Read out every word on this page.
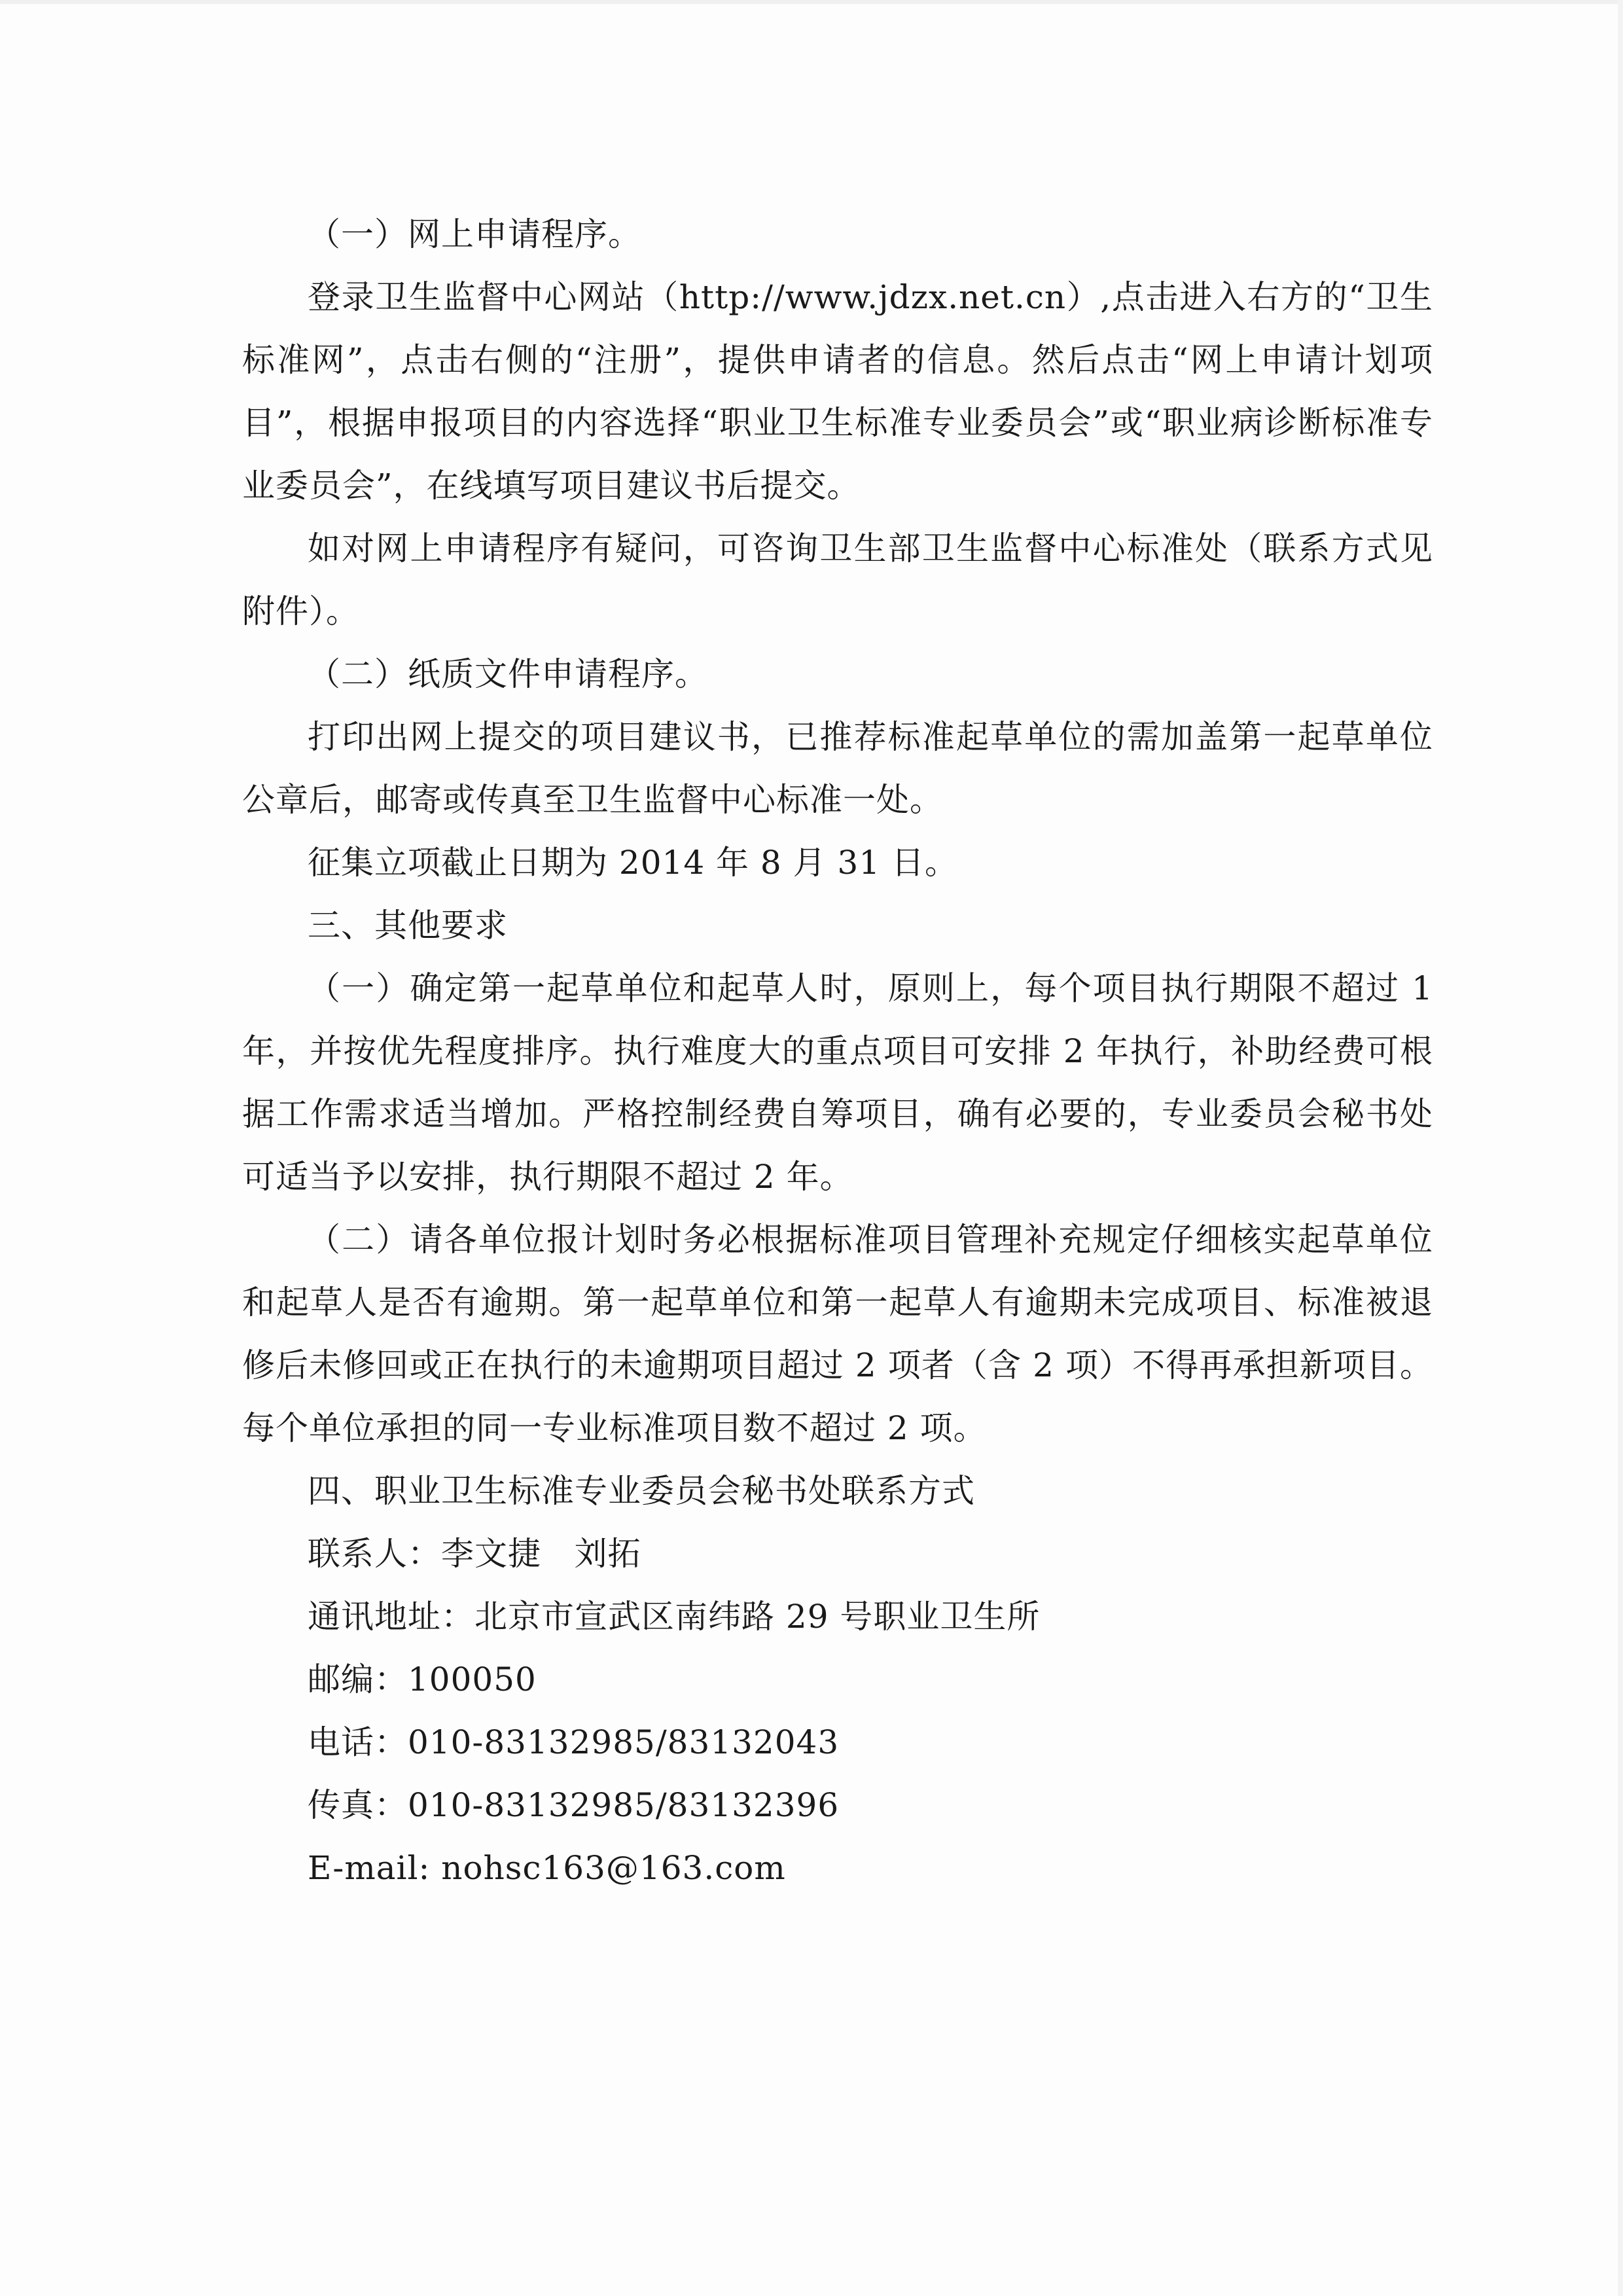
（一）网上申请程序。

登录卫生监督中心网站（http://www.jdzx.net.cn）,点击进入右方的“卫生标准网”，点击右侧的“注册”，提供申请者的信息。然后点击“网上申请计划项目”，根据申报项目的内容选择“职业卫生标准专业委员会”或“职业病诊断标准专业委员会”，在线填写项目建议书后提交。

如对网上申请程序有疑问，可咨询卫生部卫生监督中心标准处（联系方式见附件）。

（二）纸质文件申请程序。

打印出网上提交的项目建议书，已推荐标准起草单位的需加盖第一起草单位公章后，邮寄或传真至卫生监督中心标准一处。

征集立项截止日期为 2014 年 8 月 31 日。

三、其他要求

（一）确定第一起草单位和起草人时，原则上，每个项目执行期限不超过 1 年，并按优先程度排序。执行难度大的重点项目可安排 2 年执行，补助经费可根据工作需求适当增加。严格控制经费自筹项目，确有必要的，专业委员会秘书处可适当予以安排，执行期限不超过 2 年。

（二）请各单位报计划时务必根据标准项目管理补充规定仔细核实起草单位和起草人是否有逾期。第一起草单位和第一起草人有逾期未完成项目、标准被退修后未修回或正在执行的未逾期项目超过 2 项者（含 2 项）不得再承担新项目。每个单位承担的同一专业标准项目数不超过 2 项。

四、职业卫生标准专业委员会秘书处联系方式

联系人：李文捷   刘拓

通讯地址：北京市宣武区南纬路 29 号职业卫生所

邮编：100050

电话：010-83132985/83132043

传真：010-83132985/83132396

E-mail: nohsc163@163.com
